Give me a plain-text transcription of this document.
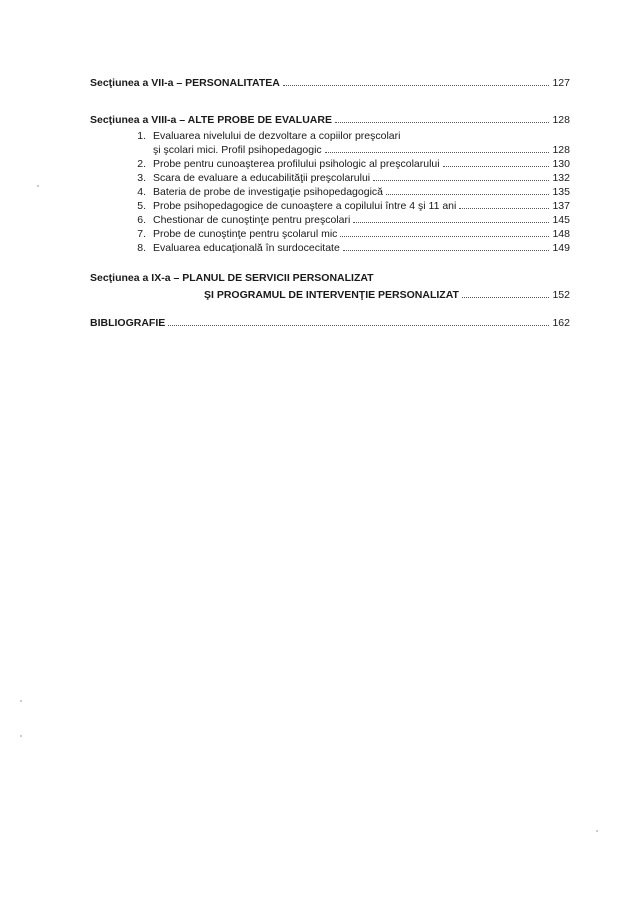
Secţiunea a VII-a – PERSONALITATEA	127
Secţiunea a VIII-a – ALTE PROBE DE EVALUARE	128
1. Evaluarea nivelului de dezvoltare a copiilor preşcolari
şi şcolari mici. Profil psihopedagogic	128
2. Probe pentru cunoaşterea profilului psihologic al preşcolarului	130
3. Scara de evaluare a educabilităţii preşcolarului	132
4. Bateria de probe de investigaţie psihopedagogică	135
5. Probe psihopedagogice de cunoaştere a copilului între 4 şi 11 ani	137
6. Chestionar de cunoştinţe pentru preşcolari	145
7. Probe de cunoştinţe pentru şcolarul mic	148
8. Evaluarea educaţională în surdocecitate	149
Secţiunea a IX-a – PLANUL DE SERVICII PERSONALIZAT
ŞI PROGRAMUL DE INTERVENŢIE PERSONALIZAT	152
BIBLIOGRAFIE	162
